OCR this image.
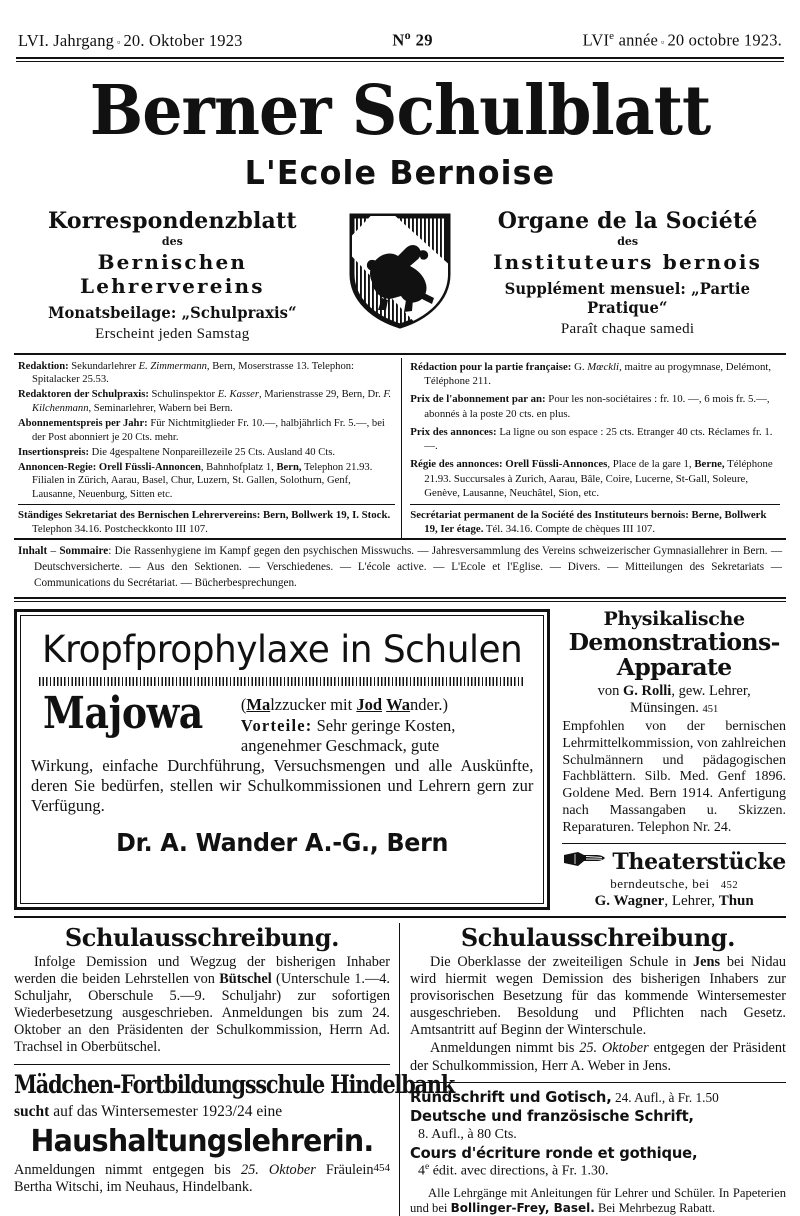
LVI. Jahrgang ▫ 20. Oktober 1923	$N^o$ 29	LVIe année ▫ 20 octobre 1923.
Berner Schulblatt
L'Ecole Bernoise
Korrespondenzblatt
des
Bernischen Lehrervereins
Monatsbeilage: „Schulpraxis“
Erscheint jeden Samstag
Organe de la Société
des
Instituteurs bernois
Supplément mensuel: „Partie Pratique“
Paraît chaque samedi

Redaktion: Sekundarlehrer E. Zimmermann, Bern, Moserstrasse 13. Telephon: Spitalacker 25.53.

Redaktoren der Schulpraxis: Schulinspektor E. Kasser, Marienstrasse 29, Bern, Dr. F. Kilchenmann, Seminarlehrer, Wabern bei Bern.

Abonnementspreis per Jahr: Für Nichtmitglieder Fr. 10.—, halbjährlich Fr. 5.—, bei der Post abonniert je 20 Cts. mehr.

Insertionspreis: Die 4gespaltene Nonpareillezeile 25 Cts. Ausland 40 Cts.

Annoncen-Regie: Orell Füssli-Annoncen, Bahnhofplatz 1, Bern, Telephon 21.93. Filialen in Zürich, Aarau, Basel, Chur, Luzern, St. Gallen, Solothurn, Genf, Lausanne, Neuenburg, Sitten etc.

Ständiges Sekretariat des Bernischen Lehrervereins: Bern, Bollwerk 19, I. Stock. Telephon 34.16. Postcheckkonto III 107.

Rédaction pour la partie française: G. Mœckli, maitre au progymnase, Delémont, Téléphone 211.

Prix de l'abonnement par an: Pour les non-sociétaires : fr. 10. —, 6 mois fr. 5.—, abonnés à la poste 20 cts. en plus.

Prix des annonces: La ligne ou son espace : 25 cts. Etranger 40 cts. Réclames fr. 1.—.

Régie des annonces: Orell Füssli-Annonces, Place de la gare 1, Berne, Téléphone 21.93. Succursales à Zurich, Aarau, Bâle, Coire, Lucerne, St-Gall, Soleure, Genève, Lausanne, Neuchâtel, Sion, etc.

Secrétariat permanent de la Société des Instituteurs bernois: Berne, Bollwerk 19, Ier étage. Tél. 34.16. Compte de chèques III 107.
Inhalt – Sommaire: Die Rassenhygiene im Kampf gegen den psychischen Misswuchs. — Jahresversammlung des Vereins schweizerischer Gymnasiallehrer in Bern. — Deutschversicherte. — Aus den Sektionen. — Verschiedenes. — L'école active. — L'Ecole et l'Eglise. — Divers. — Mitteilungen des Sekretariats — Communications du Secrétariat. — Bücherbesprechungen.
Kropfprophylaxe in Schulen
Majowa (Malzzucker mit Jod Wander.)
Vorteile: Sehr geringe Kosten, angenehmer Geschmack, gute
Wirkung, einfache Durchführung, Versuchsmengen und alle Auskünfte, deren Sie bedürfen, stellen wir Schulkommissionen und Lehrern gern zur Verfügung.
Dr. A. Wander A.-G., Bern
Physikalische
Demonstrations-
Apparate
von G. Rolli, gew. Lehrer,
Münsingen. 451
Empfohlen von der bernischen Lehrmittelkommission, von zahlreichen Schulmännern und pädagogischen Fachblättern. Silb. Med. Genf 1896. Goldene Med. Bern 1914. Anfertigung nach Massangaben u. Skizzen. Reparaturen. Telephon Nr. 24.
Theaterstücke
berndeutsche, bei 452
G. Wagner, Lehrer, Thun
Schulausschreibung.
Infolge Demission und Wegzug der bisherigen Inhaber werden die beiden Lehrstellen von Bütschel (Unterschule 1.—4. Schuljahr, Oberschule 5.—9. Schuljahr) zur sofortigen Wiederbesetzung ausgeschrieben. Anmeldungen bis zum 24. Oktober an den Präsidenten der Schulkommission, Herrn Ad. Trachsel in Oberbütschel.
Mädchen-Fortbildungsschule Hindelbank
sucht auf das Wintersemester 1923/24 eine
Haushaltungslehrerin.
454
Anmeldungen nimmt entgegen bis 25. Oktober Fräulein Bertha Witschi, im Neuhaus, Hindelbank.
Schulausschreibung.
Die Oberklasse der zweiteiligen Schule in Jens bei Nidau wird hiermit wegen Demission des bisherigen Inhabers zur provisorischen Besetzung für das kommende Wintersemester ausgeschrieben. Besoldung und Pflichten nach Gesetz. Amtsantritt auf Beginn der Winterschule.
Anmeldungen nimmt bis 25. Oktober entgegen der Präsident der Schulkommission, Herr A. Weber in Jens.
Rundschrift und Gotisch, 24. Aufl., à Fr. 1.50
Deutsche und französische Schrift,
8. Aufl., à 80 Cts.
Cours d'écriture ronde et gothique,
4e édit. avec directions, à Fr. 1.30.
Alle Lehrgänge mit Anleitungen für Lehrer und Schüler. In Papeterien und bei Bollinger-Frey, Basel. Bei Mehrbezug Rabatt.
